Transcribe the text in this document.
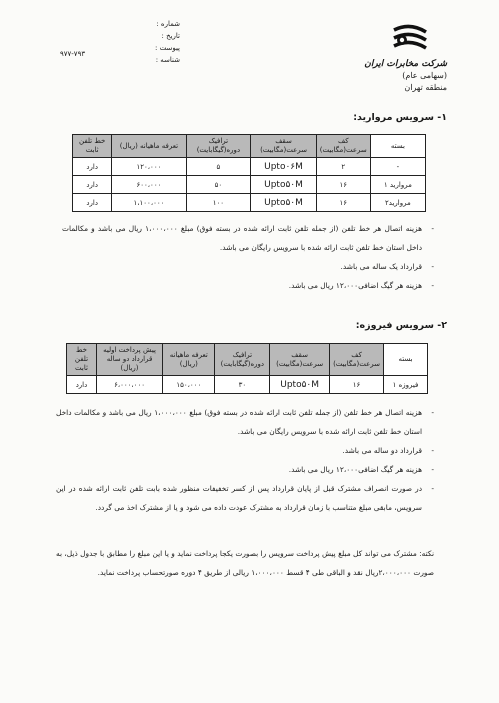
شماره :
تاریخ :
پیوست :
شناسه :
۹۷۷-۷۹۳
شرکت مخابرات ایران
(سهامی عام)
منطقه تهران
۱- سرویس مروارید:
بسته	کف سرعت(مگابیت)	سقف سرعت(مگابیت)	ترافیک دوره(گیگابایت)	تعرفه ماهیانه (ریال)	خط تلفن ثابت
-	۲	Upto۰۶M	۵	۱۲۰،۰۰۰	دارد
مروارید ۱	۱۶	Upto۵۰M	۵۰	۶۰۰،۰۰۰	دارد
مروارید۲	۱۶	Upto۵۰M	۱۰۰	۱،۱۰۰،۰۰۰	دارد
- هزینه اتصال هر خط تلفن (از جمله تلفن ثابت ارائه شده در بسته فوق) مبلغ ۱،۰۰۰،۰۰۰ ریال می باشد و مکالمات داخل استان خط تلفن ثابت ارائه شده با سرویس رایگان می باشد.
- قرارداد یک ساله می باشد.
- هزینه هر گیگ اضافی۱۲،۰۰۰ ریال می باشد.
۲- سرویس فیروزه:
بسته	کف سرعت(مگابیت)	سقف سرعت(مگابیت)	ترافیک دوره(گیگابایت)	تعرفه ماهیانه (ریال)	پیش پرداخت اولیه قرارداد دو ساله (ریال)	خط تلفن ثابت
فیروزه ۱	۱۶	Upto۵۰M	۳۰	۱۵۰،۰۰۰	۶،۰۰۰،۰۰۰	دارد
- هزینه اتصال هر خط تلفن (از جمله تلفن ثابت ارائه شده در بسته فوق) مبلغ ۱،۰۰۰،۰۰۰ ریال می باشد و مکالمات داخل استان خط تلفن ثابت ارائه شده با سرویس رایگان می باشد.
- قرارداد دو ساله می باشد.
- هزینه هر گیگ اضافی۱۲،۰۰۰ ریال می باشد.
- در صورت انصراف مشترک قبل از پایان قرارداد پس از کسر تخفیفات منظور شده بابت تلفن ثابت ارائه شده در این سرویس، مابقی مبلغ متناسب با زمان قرارداد به مشترک عودت داده می شود و یا از مشترک اخذ می گردد.
نکته: مشترک می تواند کل مبلغ پیش پرداخت سرویس را بصورت یکجا پرداخت نماید و یا این مبلغ را مطابق با جدول ذیل، به صورت ۲،۰۰۰،۰۰۰ریال نقد و الباقی طی ۴ قسط ۱،۰۰۰،۰۰۰ ریالی از طریق ۴ دوره صورتحساب پرداخت نماید.
